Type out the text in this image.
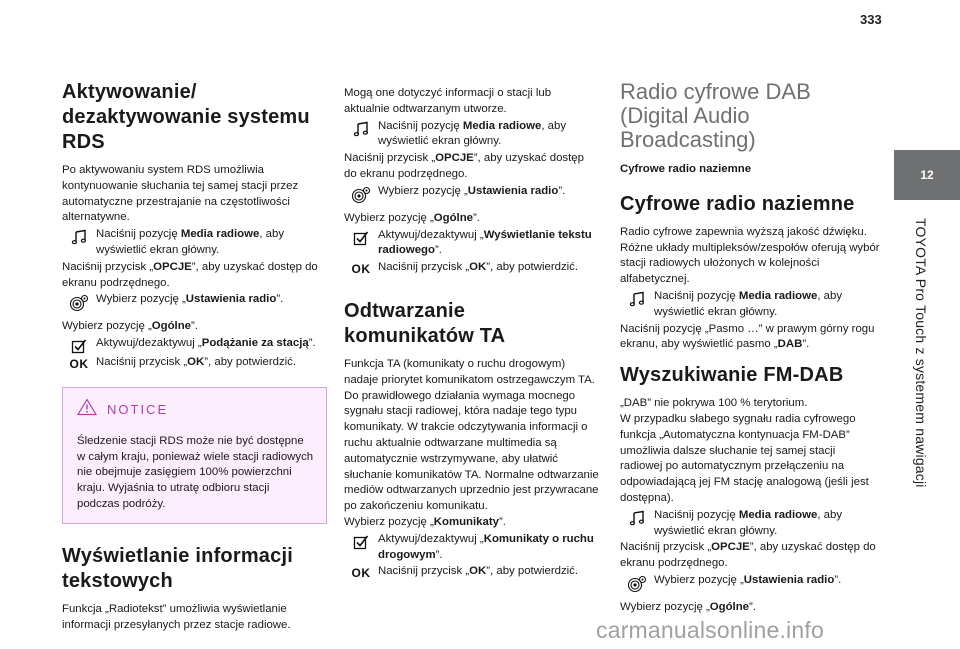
333
12
TOYOTA Pro Touch z systemem nawigacji
Aktywowanie/ dezaktywowanie systemu RDS

Po aktywowaniu system RDS umożliwia kontynuowanie słuchania tej samej stacji przez automatyczne przestrajanie na częstotliwości alternatywne.

Naciśnij pozycję Media radiowe, aby wyświetlić ekran główny.

Naciśnij przycisk „OPCJE”, aby uzyskać dostęp do ekranu podrzędnego.

Wybierz pozycję „Ustawienia radio”.

Wybierz pozycję „Ogólne”.

Aktywuj/dezaktywuj „Podążanie za stacją”.
OK Naciśnij przycisk „OK”, aby potwierdzić.
NOTICE

Śledzenie stacji RDS może nie być dostępne w całym kraju, ponieważ wiele stacji radiowych nie obejmuje zasięgiem 100% powierzchni kraju. Wyjaśnia to utratę odbioru stacji podczas podróży.

Wyświetlanie informacji tekstowych

Funkcja „Radiotekst” umożliwia wyświetlanie informacji przesyłanych przez stacje radiowe.

Mogą one dotyczyć informacji o stacji lub aktualnie odtwarzanym utworze.

Naciśnij pozycję Media radiowe, aby wyświetlić ekran główny.

Naciśnij przycisk „OPCJE”, aby uzyskać dostęp do ekranu podrzędnego.

Wybierz pozycję „Ustawienia radio”.

Wybierz pozycję „Ogólne”.

Aktywuj/dezaktywuj „Wyświetlanie tekstu radiowego”.
OK Naciśnij przycisk „OK”, aby potwierdzić.
Odtwarzanie komunikatów TA

Funkcja TA (komunikaty o ruchu drogowym) nadaje priorytet komunikatom ostrzegawczym TA. Do prawidłowego działania wymaga mocnego sygnału stacji radiowej, która nadaje tego typu komunikaty. W trakcie odczytywania informacji o ruchu aktualnie odtwarzane multimedia są automatycznie wstrzymywane, aby ułatwić słuchanie komunikatów TA. Normalne odtwarzanie mediów odtwarzanych uprzednio jest przywracane po zakończeniu komunikatu.

Wybierz pozycję „Komunikaty”.

Aktywuj/dezaktywuj „Komunikaty o ruchu drogowym”.
OK Naciśnij przycisk „OK”, aby potwierdzić.
Radio cyfrowe DAB (Digital Audio Broadcasting)
Cyfrowe radio naziemne
Cyfrowe radio naziemne

Radio cyfrowe zapewnia wyższą jakość dźwięku. Różne układy multipleksów/zespołów oferują wybór stacji radiowych ułożonych w kolejności alfabetycznej.

Naciśnij pozycję Media radiowe, aby wyświetlić ekran główny.

Naciśnij pozycję „Pasmo …” w prawym górny rogu ekranu, aby wyświetlić pasmo „DAB”.

Wyszukiwanie FM-DAB

„DAB” nie pokrywa 100 % terytorium.

W przypadku słabego sygnału radia cyfrowego funkcja „Automatyczna kontynuacja FM-DAB” umożliwia dalsze słuchanie tej samej stacji radiowej po automatycznym przełączeniu na odpowiadającą jej FM stację analogową (jeśli jest dostępna).

Naciśnij pozycję Media radiowe, aby wyświetlić ekran główny.

Naciśnij przycisk „OPCJE”, aby uzyskać dostęp do ekranu podrzędnego.

Wybierz pozycję „Ustawienia radio”.

Wybierz pozycję „Ogólne”.

carmanualsonline.info
